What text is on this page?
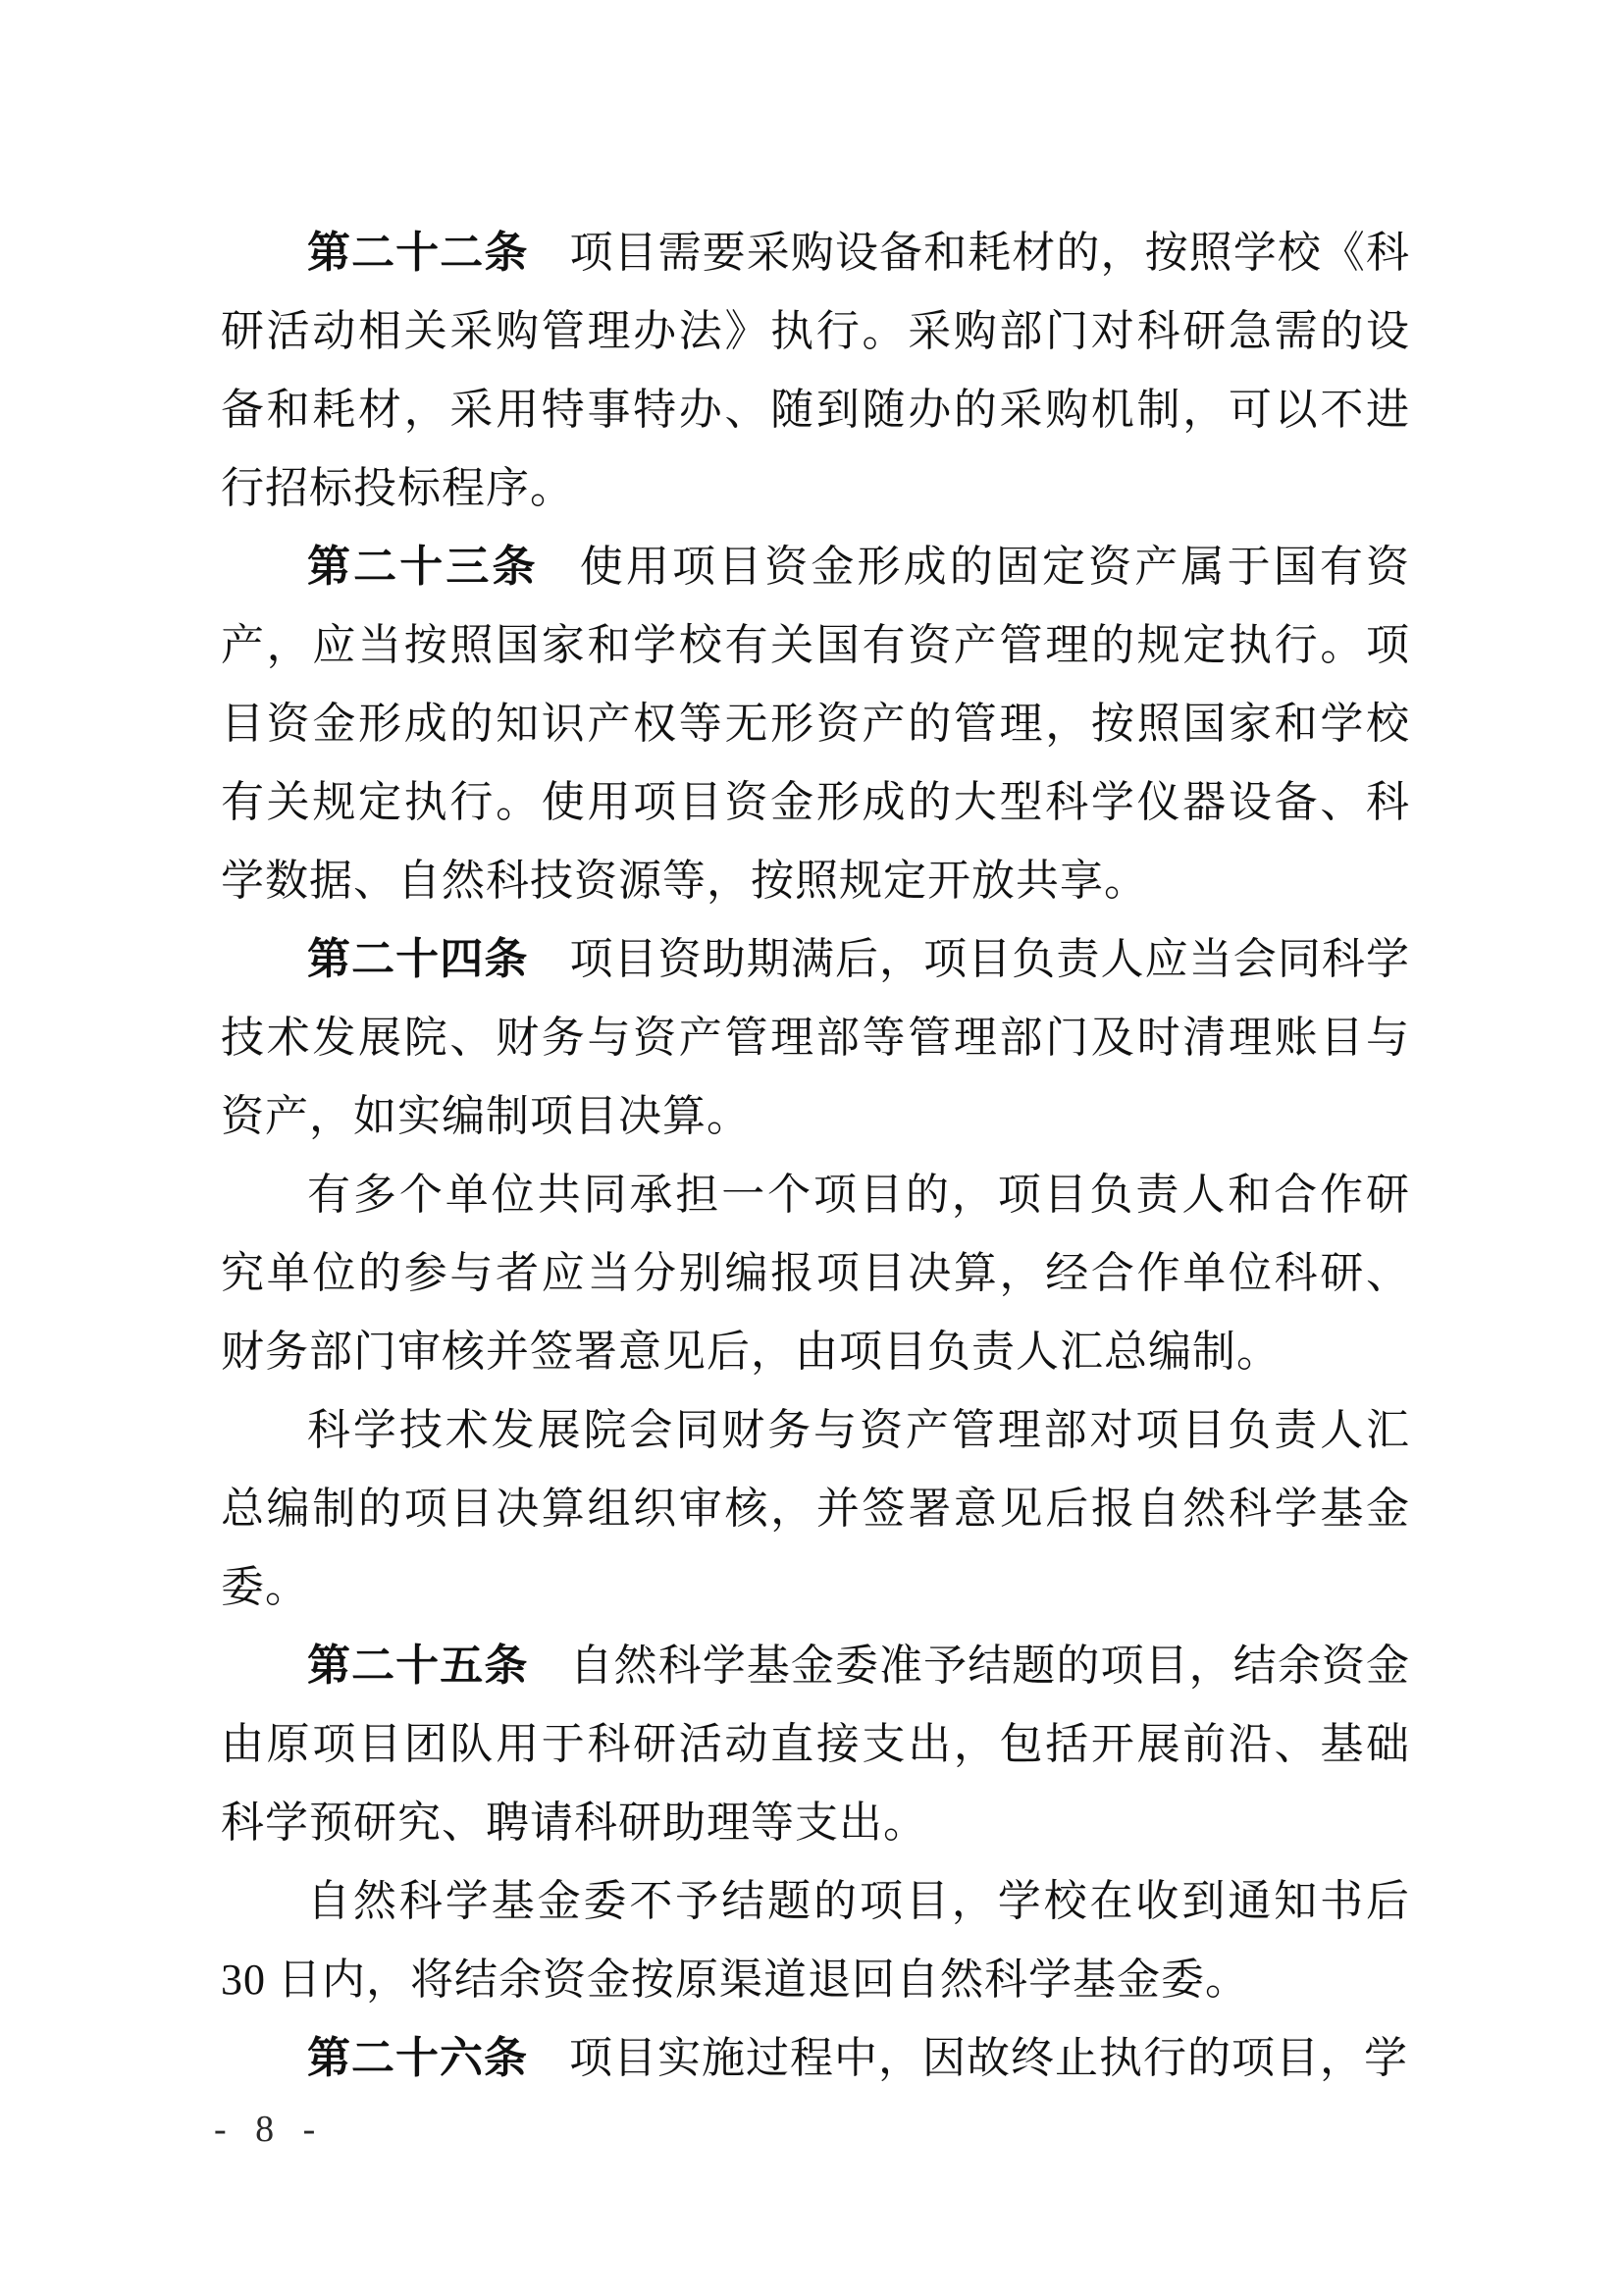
第二十二条 项目需要采购设备和耗材的，按照学校《科研活动相关采购管理办法》执行。采购部门对科研急需的设备和耗材，采用特事特办、随到随办的采购机制，可以不进行招标投标程序。

第二十三条 使用项目资金形成的固定资产属于国有资产，应当按照国家和学校有关国有资产管理的规定执行。项目资金形成的知识产权等无形资产的管理，按照国家和学校有关规定执行。使用项目资金形成的大型科学仪器设备、科学数据、自然科技资源等，按照规定开放共享。

第二十四条 项目资助期满后，项目负责人应当会同科学技术发展院、财务与资产管理部等管理部门及时清理账目与资产，如实编制项目决算。

有多个单位共同承担一个项目的，项目负责人和合作研究单位的参与者应当分别编报项目决算，经合作单位科研、财务部门审核并签署意见后，由项目负责人汇总编制。

科学技术发展院会同财务与资产管理部对项目负责人汇总编制的项目决算组织审核，并签署意见后报自然科学基金委。

第二十五条 自然科学基金委准予结题的项目，结余资金由原项目团队用于科研活动直接支出，包括开展前沿、基础科学预研究、聘请科研助理等支出。

自然科学基金委不予结题的项目，学校在收到通知书后 30 日内，将结余资金按原渠道退回自然科学基金委。

第二十六条 项目实施过程中，因故终止执行的项目，学

- 8 -
